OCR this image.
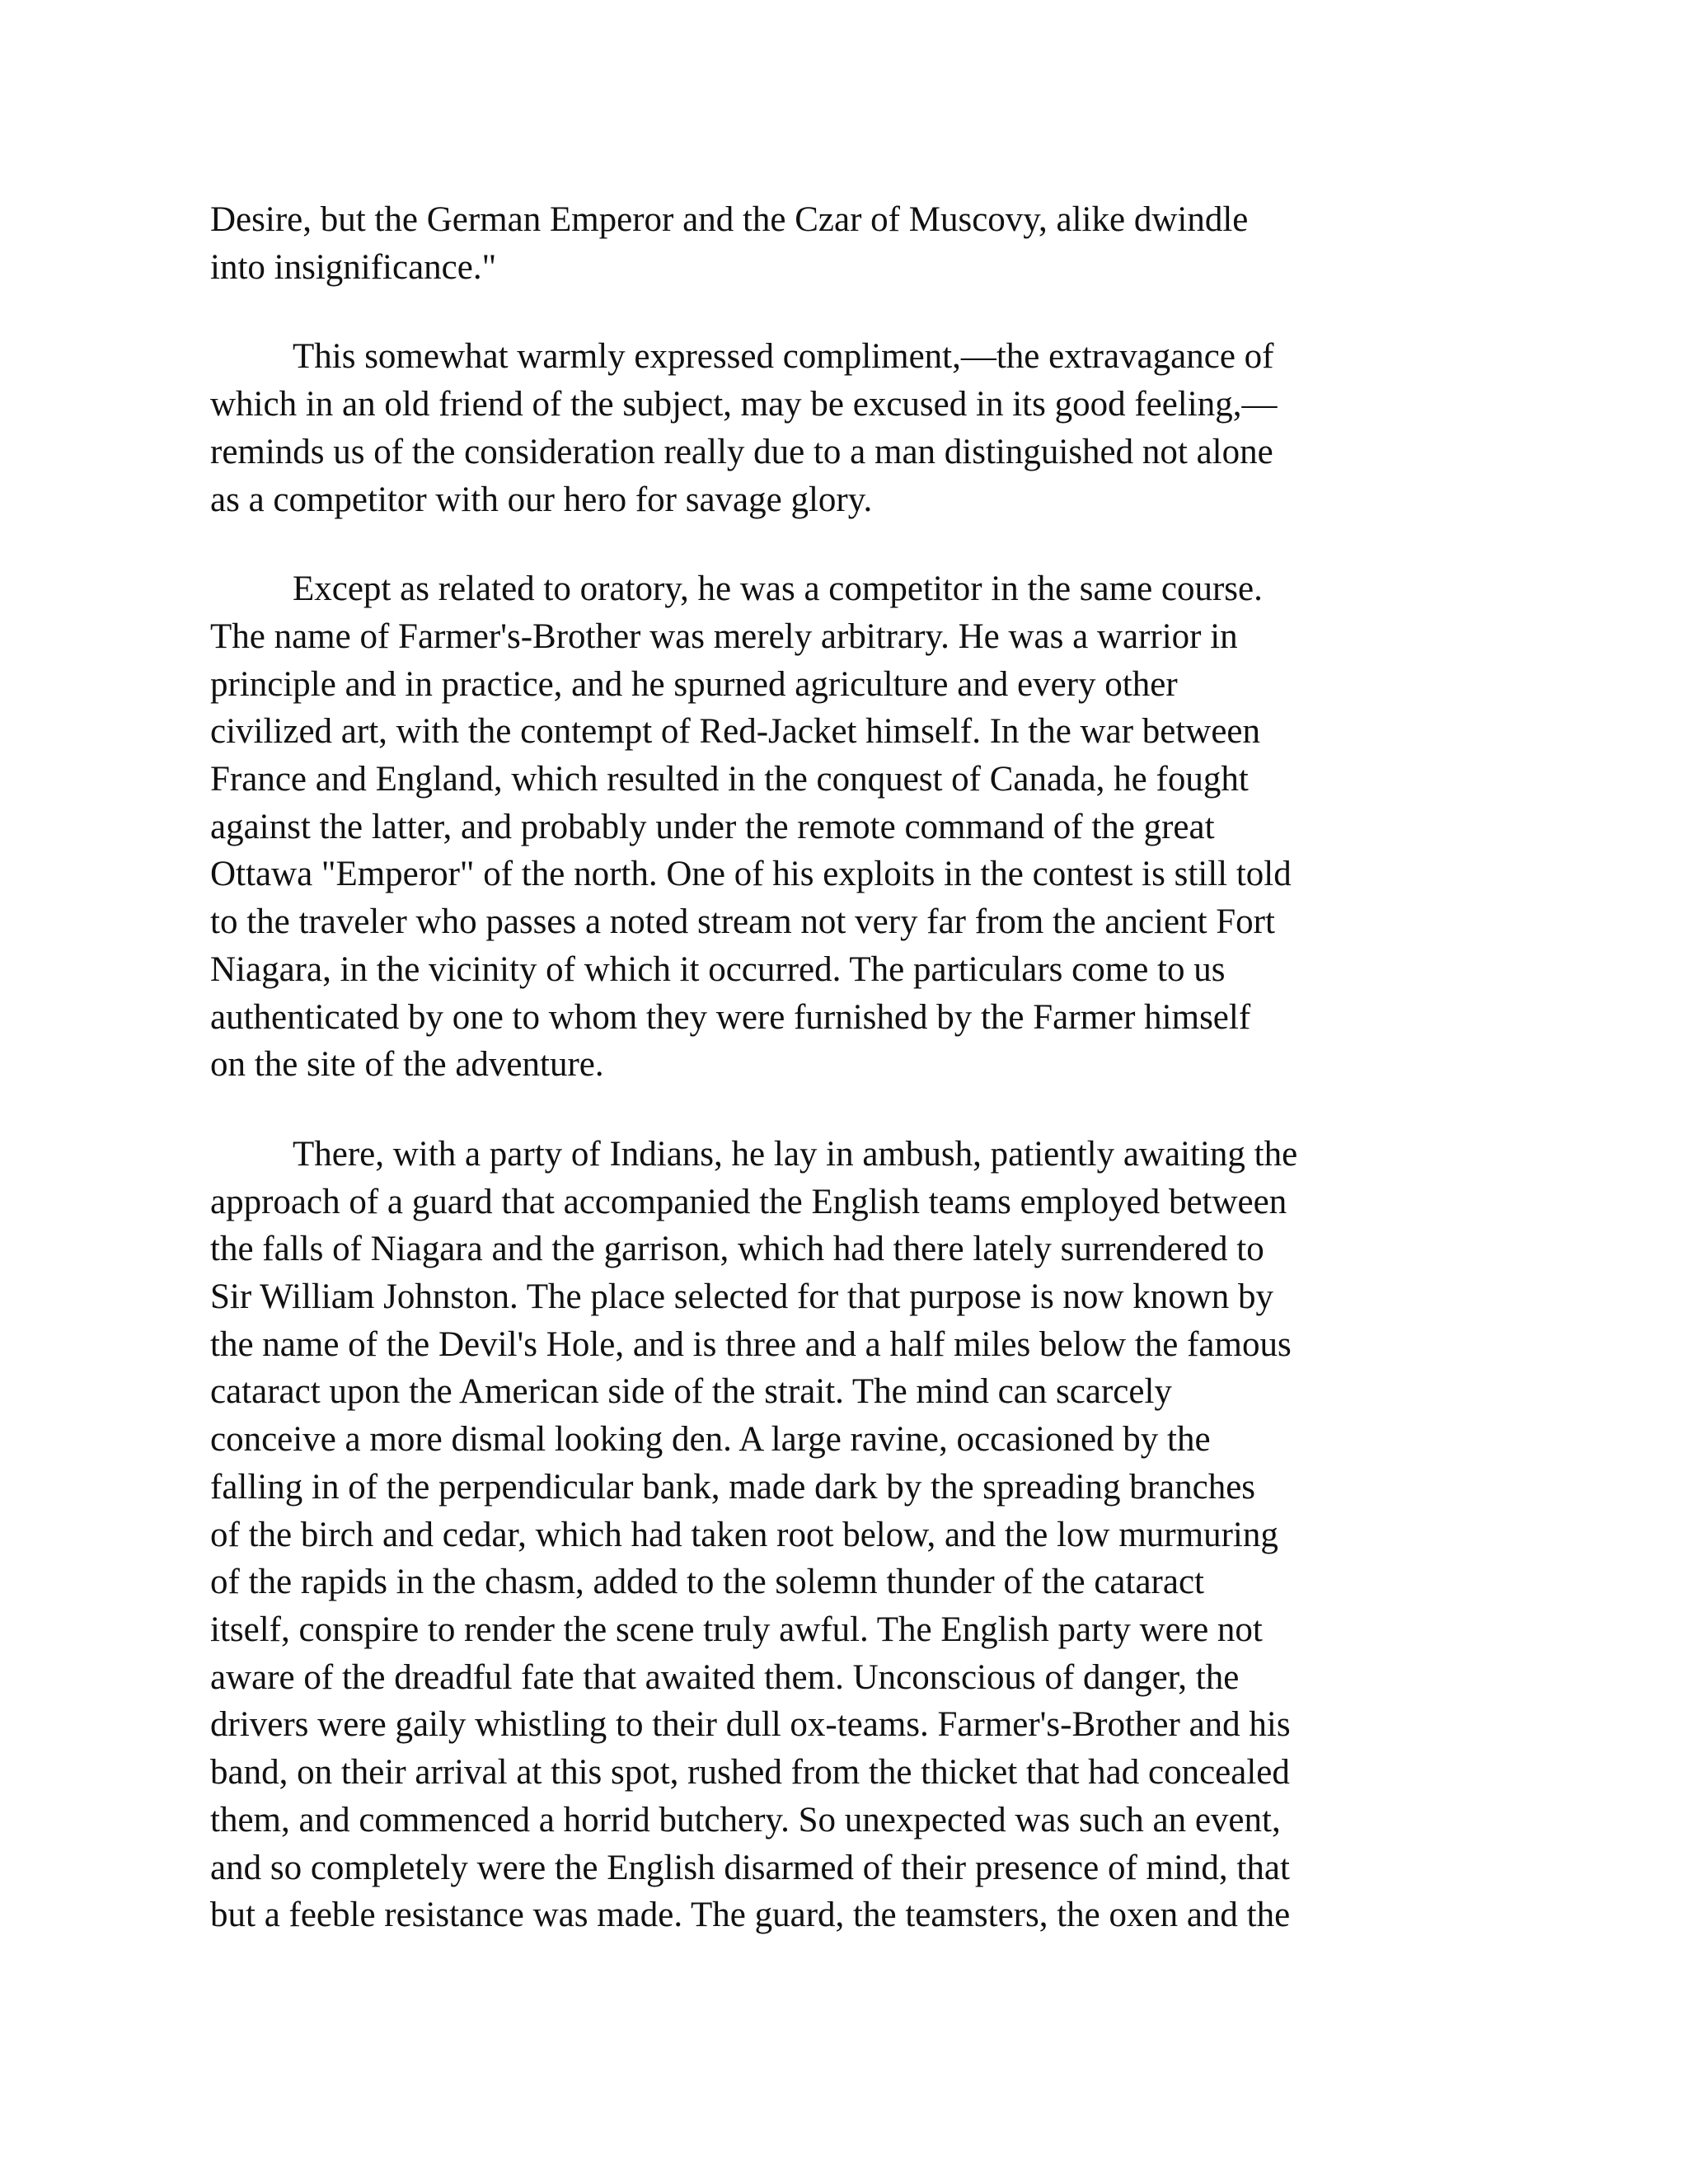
Desire, but the German Emperor and the Czar of Muscovy, alike dwindle
into insignificance."
This somewhat warmly expressed compliment,—the extravagance of
which in an old friend of the subject, may be excused in its good feeling,—
reminds us of the consideration really due to a man distinguished not alone
as a competitor with our hero for savage glory.
Except as related to oratory, he was a competitor in the same course.
The name of Farmer's-Brother was merely arbitrary. He was a warrior in
principle and in practice, and he spurned agriculture and every other
civilized art, with the contempt of Red-Jacket himself. In the war between
France and England, which resulted in the conquest of Canada, he fought
against the latter, and probably under the remote command of the great
Ottawa "Emperor" of the north. One of his exploits in the contest is still told
to the traveler who passes a noted stream not very far from the ancient Fort
Niagara, in the vicinity of which it occurred. The particulars come to us
authenticated by one to whom they were furnished by the Farmer himself
on the site of the adventure.
There, with a party of Indians, he lay in ambush, patiently awaiting the
approach of a guard that accompanied the English teams employed between
the falls of Niagara and the garrison, which had there lately surrendered to
Sir William Johnston. The place selected for that purpose is now known by
the name of the Devil's Hole, and is three and a half miles below the famous
cataract upon the American side of the strait. The mind can scarcely
conceive a more dismal looking den. A large ravine, occasioned by the
falling in of the perpendicular bank, made dark by the spreading branches
of the birch and cedar, which had taken root below, and the low murmuring
of the rapids in the chasm, added to the solemn thunder of the cataract
itself, conspire to render the scene truly awful. The English party were not
aware of the dreadful fate that awaited them. Unconscious of danger, the
drivers were gaily whistling to their dull ox-teams. Farmer's-Brother and his
band, on their arrival at this spot, rushed from the thicket that had concealed
them, and commenced a horrid butchery. So unexpected was such an event,
and so completely were the English disarmed of their presence of mind, that
but a feeble resistance was made. The guard, the teamsters, the oxen and the
